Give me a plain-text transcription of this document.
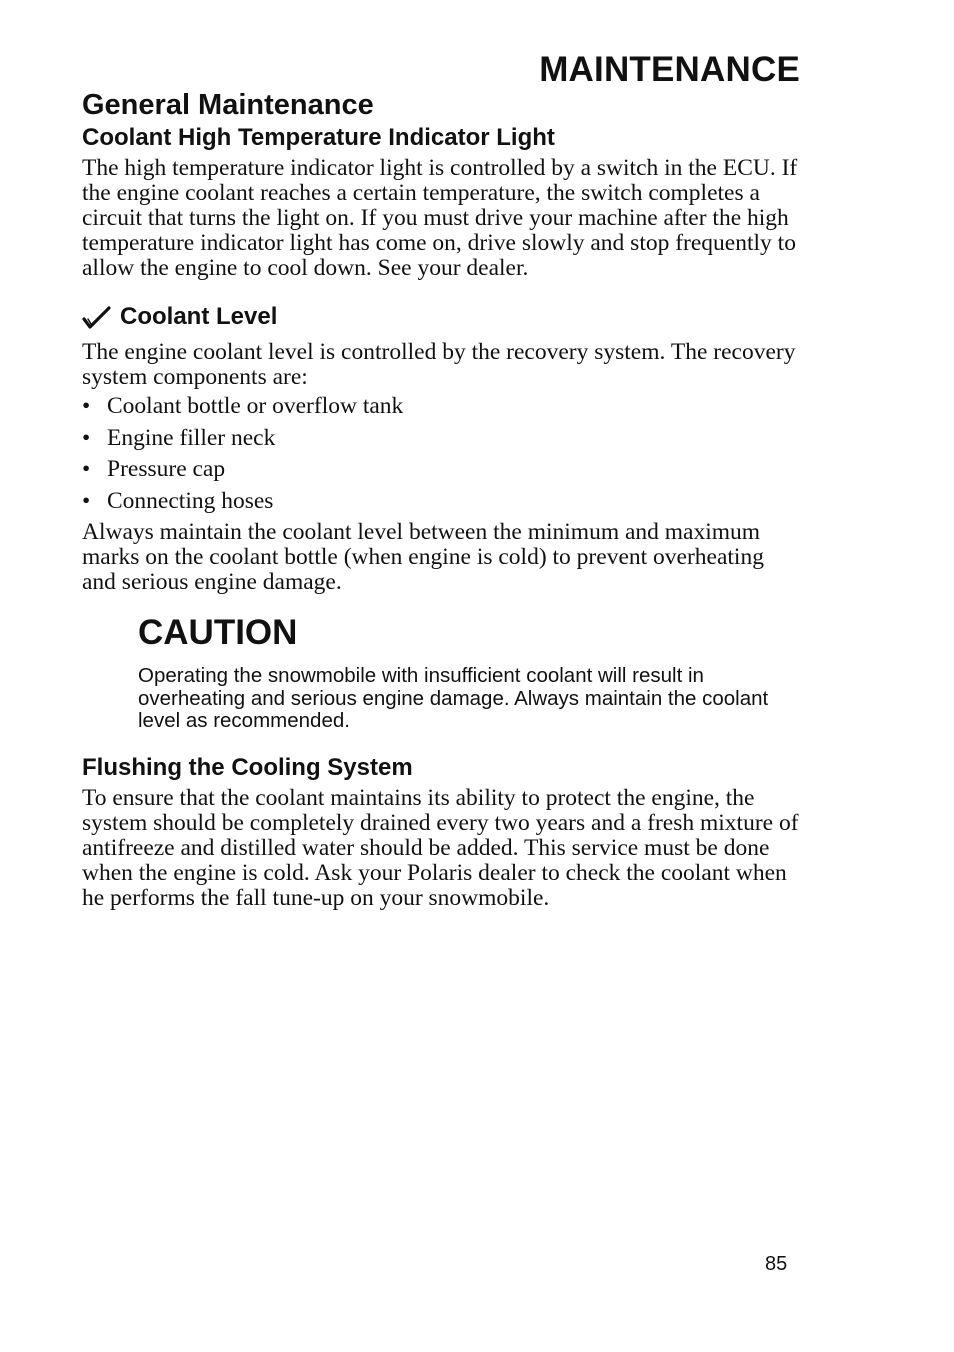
MAINTENANCE
General Maintenance
Coolant High Temperature Indicator Light

The high temperature indicator light is controlled by a switch in the ECU. If the engine coolant reaches a certain temperature, the switch completes a circuit that turns the light on. If you must drive your machine after the high temperature indicator light has come on, drive slowly and stop frequently to allow the engine to cool down. See your dealer.

Coolant Level

The engine coolant level is controlled by the recovery system. The recovery system components are:

• Coolant bottle or overflow tank
• Engine filler neck
• Pressure cap
• Connecting hoses

Always maintain the coolant level between the minimum and maximum marks on the coolant bottle (when engine is cold) to prevent overheating and serious engine damage.

CAUTION

Operating the snowmobile with insufficient coolant will result in overheating and serious engine damage. Always maintain the coolant level as recommended.

Flushing the Cooling System

To ensure that the coolant maintains its ability to protect the engine, the system should be completely drained every two years and a fresh mixture of antifreeze and distilled water should be added. This service must be done when the engine is cold. Ask your Polaris dealer to check the coolant when he performs the fall tune-up on your snowmobile.

85
